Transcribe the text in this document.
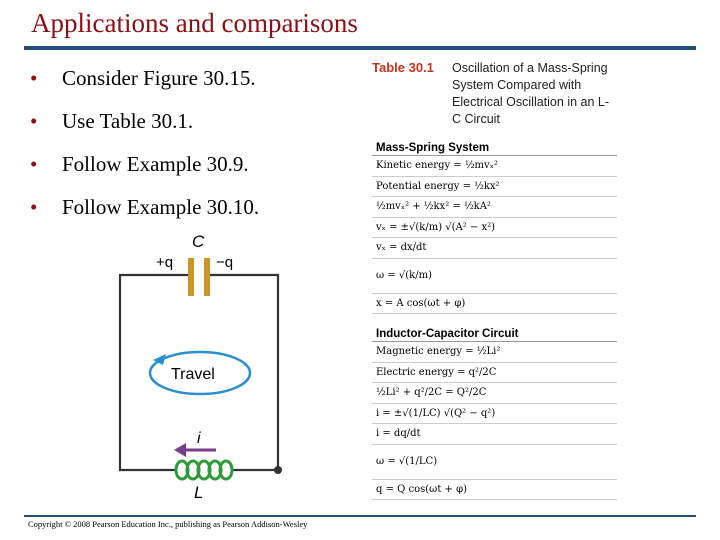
Applications and comparisons
• Consider Figure 30.15.
• Use Table 30.1.
• Follow Example 30.9.
• Follow Example 30.10.
C
+q	−q
Travel
i
L
Table 30.1	Oscillation of a Mass-Spring System Compared with Electrical Oscillation in an L-C Circuit
Mass-Spring System
Kinetic energy = ½mvₓ²
Potential energy = ½kx²
½mvₓ² + ½kx² = ½kA²
vₓ = ±√(k/m) √(A² − x²)
vₓ = dx/dt
ω = √(k/m)
x = A cos(ωt + φ)
Inductor-Capacitor Circuit
Magnetic energy = ½Li²
Electric energy = q²/2C
½Li² + q²/2C = Q²/2C
i = ±√(1/LC) √(Q² − q²)
i = dq/dt
ω = √(1/LC)
q = Q cos(ωt + φ)
Copyright © 2008 Pearson Education Inc., publishing as Pearson Addison-Wesley
